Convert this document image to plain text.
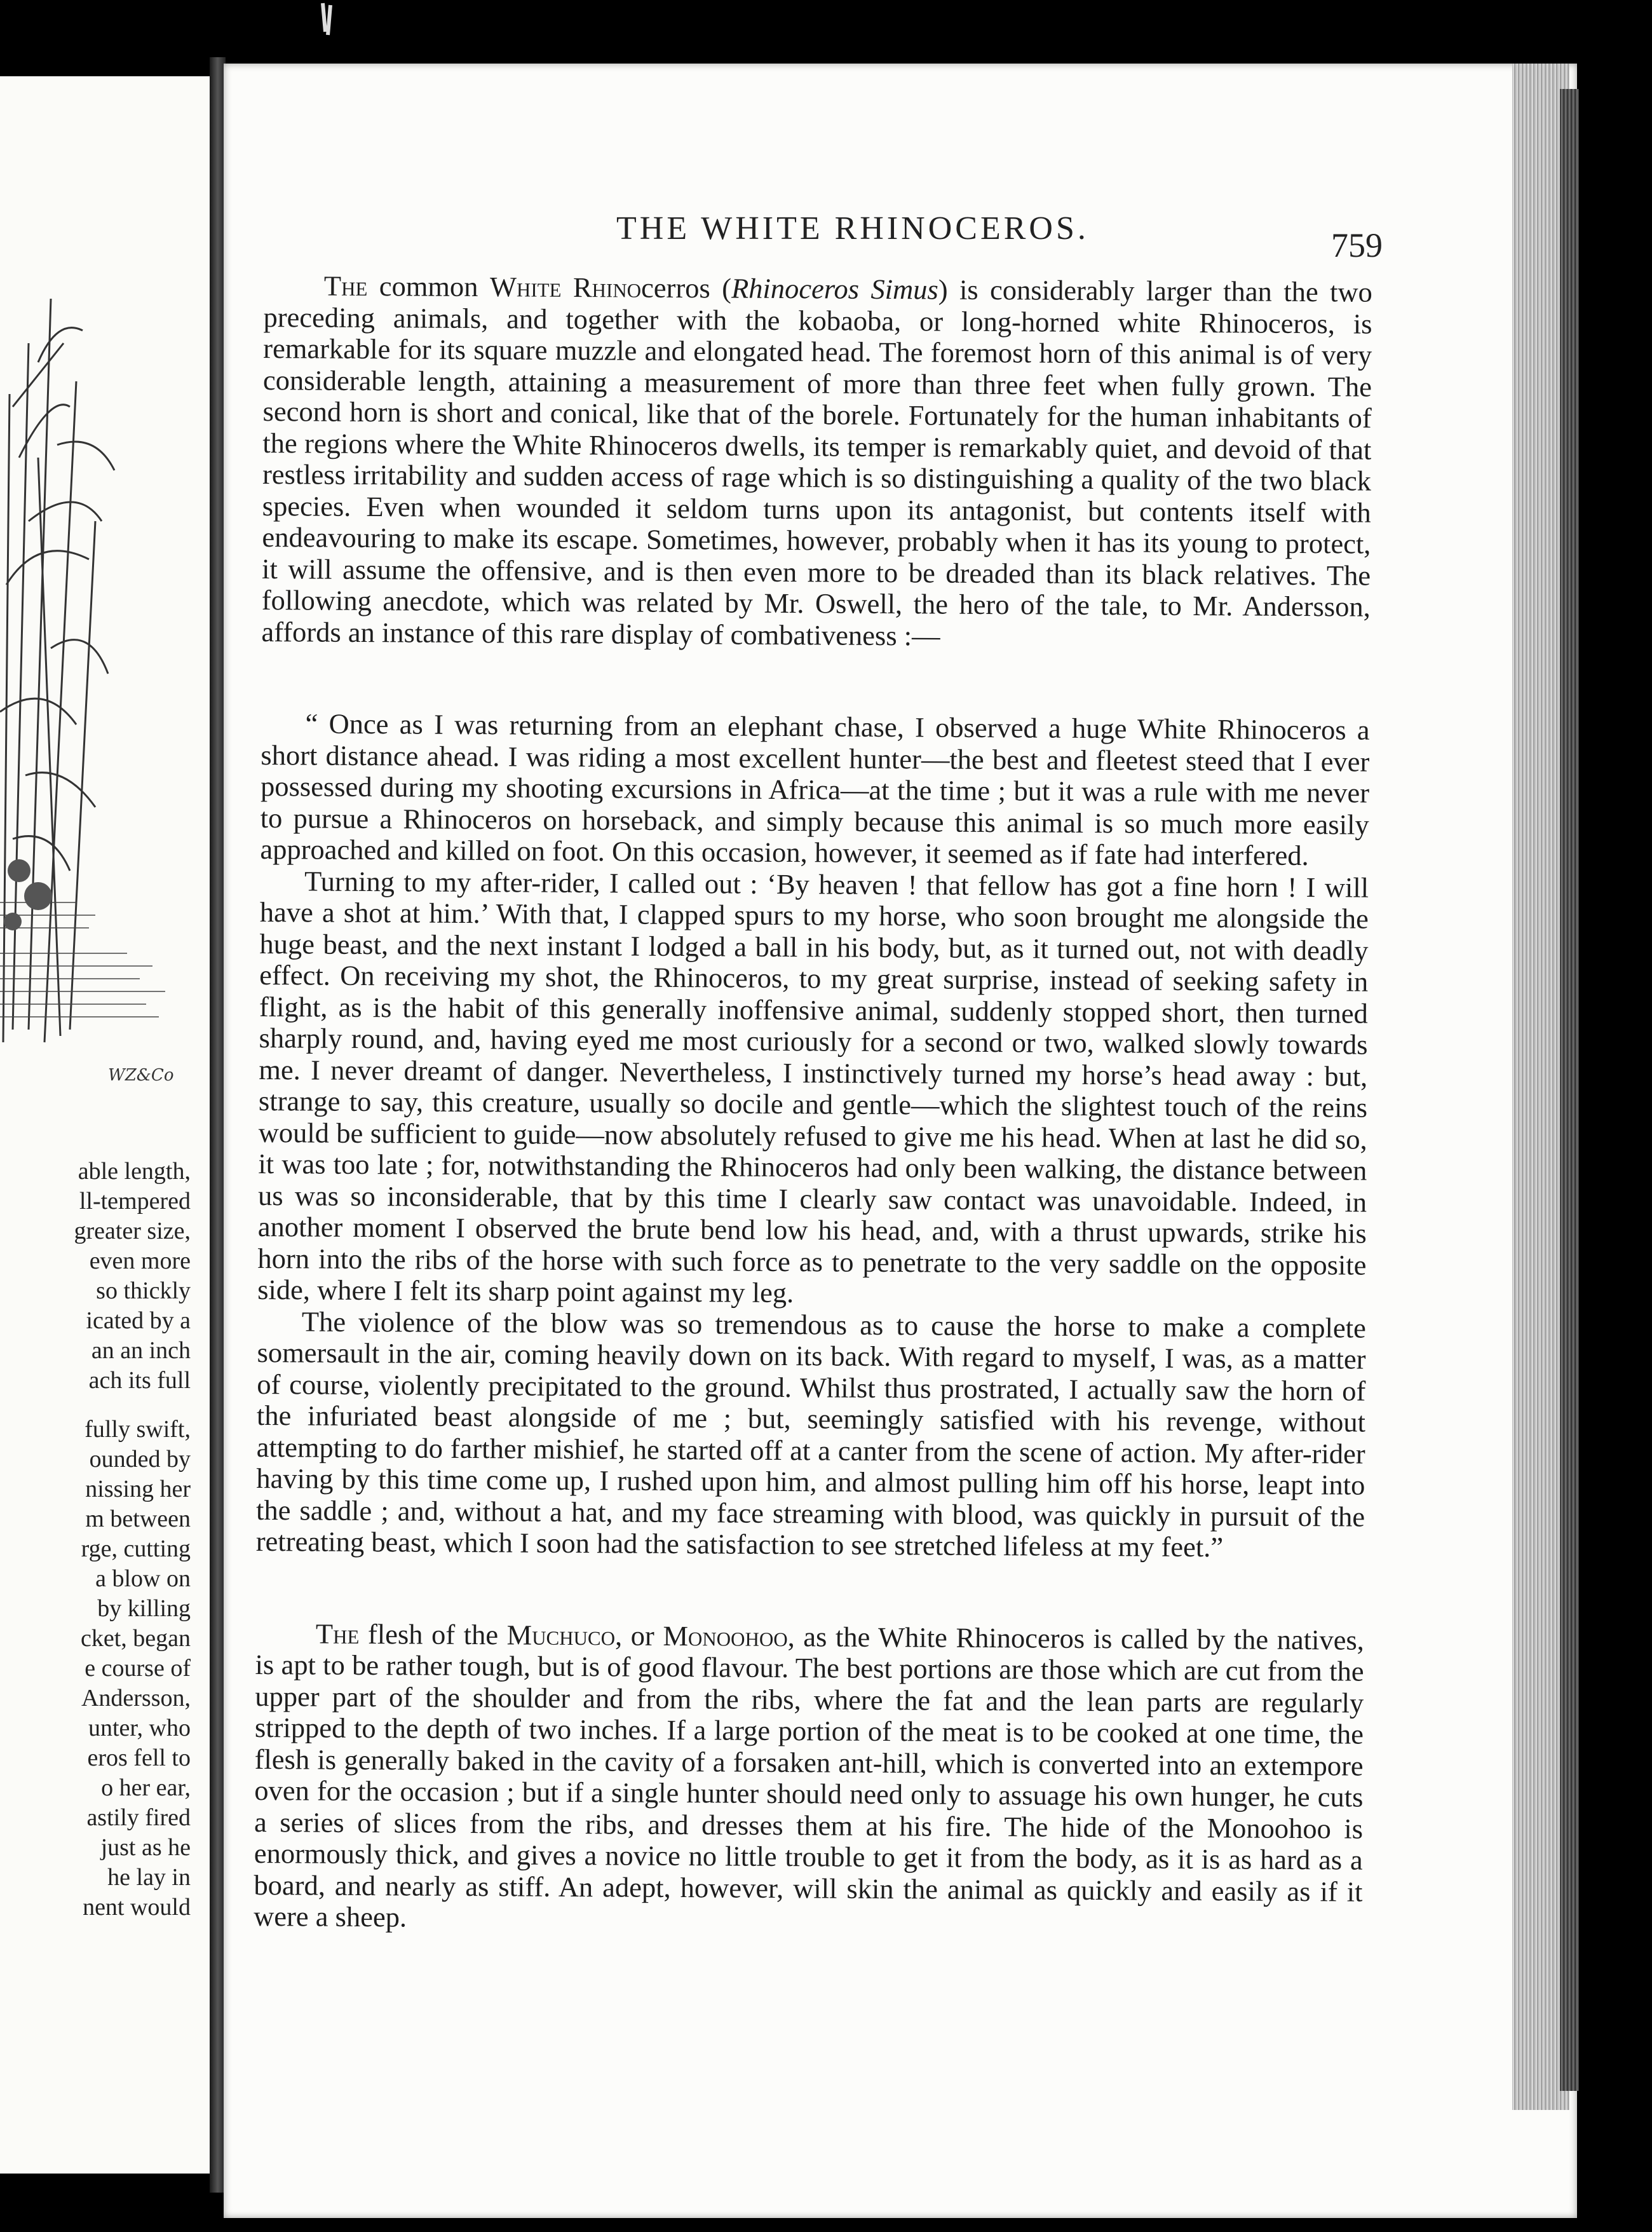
WZ&Co
able length,
ll-tempered
greater size,
even more
so thickly
icated by a
an an inch
ach its full
fully swift,
ounded by
nissing her
m between
rge, cutting
a blow on
by killing
cket, began
e course of
Andersson,
unter, who
eros fell to
o her ear,
astily fired
just as he
he lay in
nent would
THE WHITE RHINOCEROS.	759

The common White Rhinocerros (Rhinoceros Simus) is considerably larger than the two preceding animals, and together with the kobaoba, or long-horned white Rhinoceros, is remarkable for its square muzzle and elongated head. The foremost horn of this animal is of very considerable length, attaining a measurement of more than three feet when fully grown. The second horn is short and conical, like that of the borele. Fortunately for the human inhabitants of the regions where the White Rhinoceros dwells, its temper is remarkably quiet, and devoid of that restless irritability and sudden access of rage which is so distinguishing a quality of the two black species. Even when wounded it seldom turns upon its antagonist, but contents itself with endeavouring to make its escape. Sometimes, however, probably when it has its young to protect, it will assume the offensive, and is then even more to be dreaded than its black relatives. The following anecdote, which was related by Mr. Oswell, the hero of the tale, to Mr. Andersson, affords an instance of this rare display of combativeness :—

“ Once as I was returning from an elephant chase, I observed a huge White Rhinoceros a short distance ahead. I was riding a most excellent hunter—the best and fleetest steed that I ever possessed during my shooting excursions in Africa—at the time ; but it was a rule with me never to pursue a Rhinoceros on horseback, and simply because this animal is so much more easily approached and killed on foot. On this occasion, however, it seemed as if fate had interfered.

Turning to my after-rider, I called out : ‘By heaven ! that fellow has got a fine horn ! I will have a shot at him.’ With that, I clapped spurs to my horse, who soon brought me alongside the huge beast, and the next instant I lodged a ball in his body, but, as it turned out, not with deadly effect. On receiving my shot, the Rhinoceros, to my great surprise, instead of seeking safety in flight, as is the habit of this generally inoffensive animal, suddenly stopped short, then turned sharply round, and, having eyed me most curiously for a second or two, walked slowly towards me. I never dreamt of danger. Nevertheless, I instinctively turned my horse’s head away : but, strange to say, this creature, usually so docile and gentle—which the slightest touch of the reins would be sufficient to guide—now absolutely refused to give me his head. When at last he did so, it was too late ; for, notwithstanding the Rhinoceros had only been walking, the distance between us was so inconsiderable, that by this time I clearly saw contact was unavoidable. Indeed, in another moment I observed the brute bend low his head, and, with a thrust upwards, strike his horn into the ribs of the horse with such force as to penetrate to the very saddle on the opposite side, where I felt its sharp point against my leg.

The violence of the blow was so tremendous as to cause the horse to make a complete somersault in the air, coming heavily down on its back. With regard to myself, I was, as a matter of course, violently precipitated to the ground. Whilst thus prostrated, I actually saw the horn of the infuriated beast alongside of me ; but, seemingly satisfied with his revenge, without attempting to do farther mishief, he started off at a canter from the scene of action. My after-rider having by this time come up, I rushed upon him, and almost pulling him off his horse, leapt into the saddle ; and, without a hat, and my face streaming with blood, was quickly in pursuit of the retreating beast, which I soon had the satisfaction to see stretched lifeless at my feet.”

The flesh of the Muchuco, or Monoohoo, as the White Rhinoceros is called by the natives, is apt to be rather tough, but is of good flavour. The best portions are those which are cut from the upper part of the shoulder and from the ribs, where the fat and the lean parts are regularly stripped to the depth of two inches. If a large portion of the meat is to be cooked at one time, the flesh is generally baked in the cavity of a forsaken ant-hill, which is converted into an extempore oven for the occasion ; but if a single hunter should need only to assuage his own hunger, he cuts a series of slices from the ribs, and dresses them at his fire. The hide of the Monoohoo is enormously thick, and gives a novice no little trouble to get it from the body, as it is as hard as a board, and nearly as stiff. An adept, however, will skin the animal as quickly and easily as if it were a sheep.
